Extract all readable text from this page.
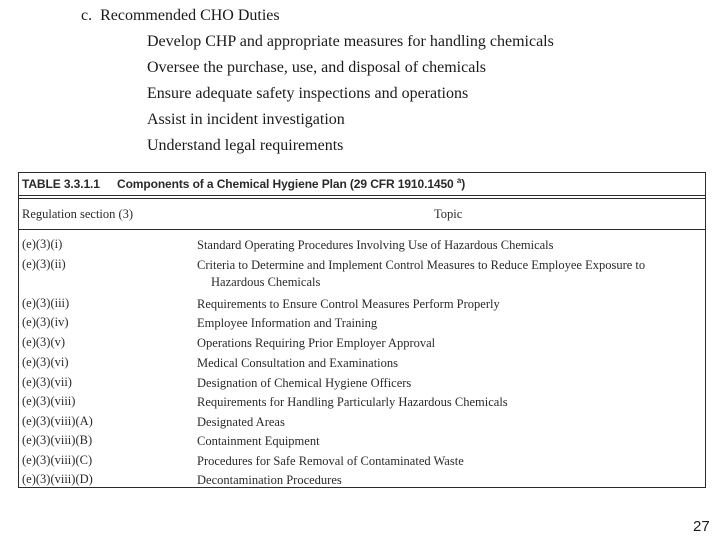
c.  Recommended CHO Duties
Develop CHP and appropriate measures for handling chemicals
Oversee the purchase, use, and disposal of chemicals
Ensure adequate safety inspections and operations
Assist in incident investigation
Understand legal requirements
TABLE 3.3.1.1 Components of a Chemical Hygiene Plan (29 CFR 1910.1450 $^a$)
Regulation section (3)	Topic
(e)(3)(i)	Standard Operating Procedures Involving Use of Hazardous Chemicals
(e)(3)(ii)	Criteria to Determine and Implement Control Measures to Reduce Employee Exposure to
Hazardous Chemicals
(e)(3)(iii)	Requirements to Ensure Control Measures Perform Properly
(e)(3)(iv)	Employee Information and Training
(e)(3)(v)	Operations Requiring Prior Employer Approval
(e)(3)(vi)	Medical Consultation and Examinations
(e)(3)(vii)	Designation of Chemical Hygiene Officers
(e)(3)(viii)	Requirements for Handling Particularly Hazardous Chemicals
(e)(3)(viii)(A)	Designated Areas
(e)(3)(viii)(B)	Containment Equipment
(e)(3)(viii)(C)	Procedures for Safe Removal of Contaminated Waste
(e)(3)(viii)(D)	Decontamination Procedures
27
